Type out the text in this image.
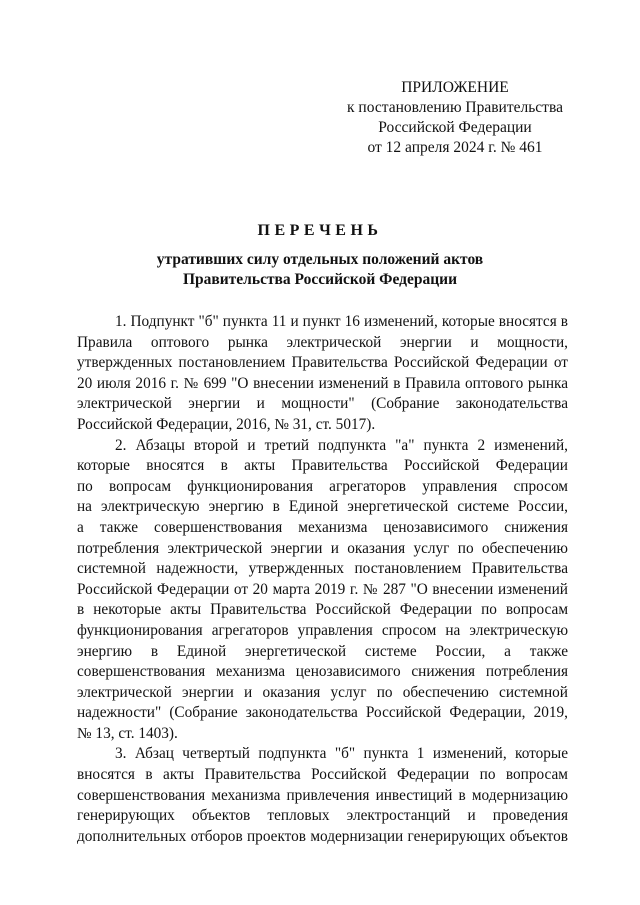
ПРИЛОЖЕНИЕ
к постановлению Правительства
Российской Федерации
от 12 апреля 2024 г. № 461
ПЕРЕЧЕНЬ
утративших силу отдельных положений актов
Правительства Российской Федерации
1. Подпункт "б" пункта 11 и пункт 16 изменений, которые вносятся в
Правила оптового рынка электрической энергии и мощности,
утвержденных постановлением Правительства Российской Федерации от
20 июля 2016 г. № 699 "О внесении изменений в Правила оптового рынка
электрической энергии и мощности" (Собрание законодательства
Российской Федерации, 2016, № 31, ст. 5017).
2. Абзацы второй и третий подпункта "а" пункта 2 изменений,
которые вносятся в акты Правительства Российской Федерации
по вопросам функционирования агрегаторов управления спросом
на электрическую энергию в Единой энергетической системе России,
а также совершенствования механизма ценозависимого снижения
потребления электрической энергии и оказания услуг по обеспечению
системной надежности, утвержденных постановлением Правительства
Российской Федерации от 20 марта 2019 г. № 287 "О внесении изменений
в некоторые акты Правительства Российской Федерации по вопросам
функционирования агрегаторов управления спросом на электрическую
энергию в Единой энергетической системе России, а также
совершенствования механизма ценозависимого снижения потребления
электрической энергии и оказания услуг по обеспечению системной
надежности" (Собрание законодательства Российской Федерации, 2019,
№ 13, ст. 1403).
3. Абзац четвертый подпункта "б" пункта 1 изменений, которые
вносятся в акты Правительства Российской Федерации по вопросам
совершенствования механизма привлечения инвестиций в модернизацию
генерирующих объектов тепловых электростанций и проведения
дополнительных отборов проектов модернизации генерирующих объектов
